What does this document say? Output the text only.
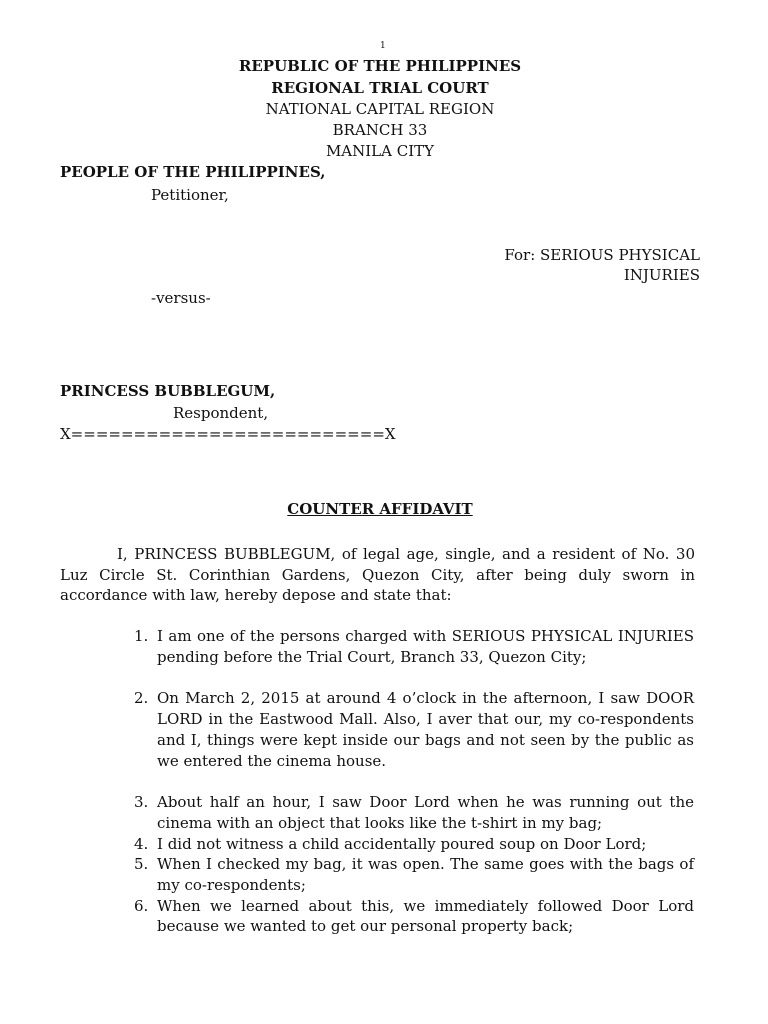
1
REPUBLIC OF THE PHILIPPINES
REGIONAL TRIAL COURT
NATIONAL CAPITAL REGION
BRANCH 33
MANILA CITY
PEOPLE OF THE PHILIPPINES,
Petitioner,
For: SERIOUS PHYSICAL
INJURIES
-versus-
PRINCESS BUBBLEGUM,
Respondent,
X=========================X
COUNTER AFFIDAVIT
I, PRINCESS BUBBLEGUM, of legal age, single, and a resident of No. 30 Luz Circle St. Corinthian Gardens, Quezon City, after being duly sworn in accordance with law, hereby depose and state that:
1. I am one of the persons charged with SERIOUS PHYSICAL INJURIES pending before the Trial Court, Branch 33, Quezon City;
2. On March 2, 2015 at around 4 o’clock in the afternoon, I saw DOOR LORD in the Eastwood Mall. Also, I aver that our, my co-respondents and I, things were kept inside our bags and not seen by the public as we entered the cinema house.
3. About half an hour, I saw Door Lord when he was running out the cinema with an object that looks like the t-shirt in my bag;
4. I did not witness a child accidentally poured soup on Door Lord;
5. When I checked my bag, it was open. The same goes with the bags of my co-respondents;
6. When we learned about this, we immediately followed Door Lord because we wanted to get our personal property back;
